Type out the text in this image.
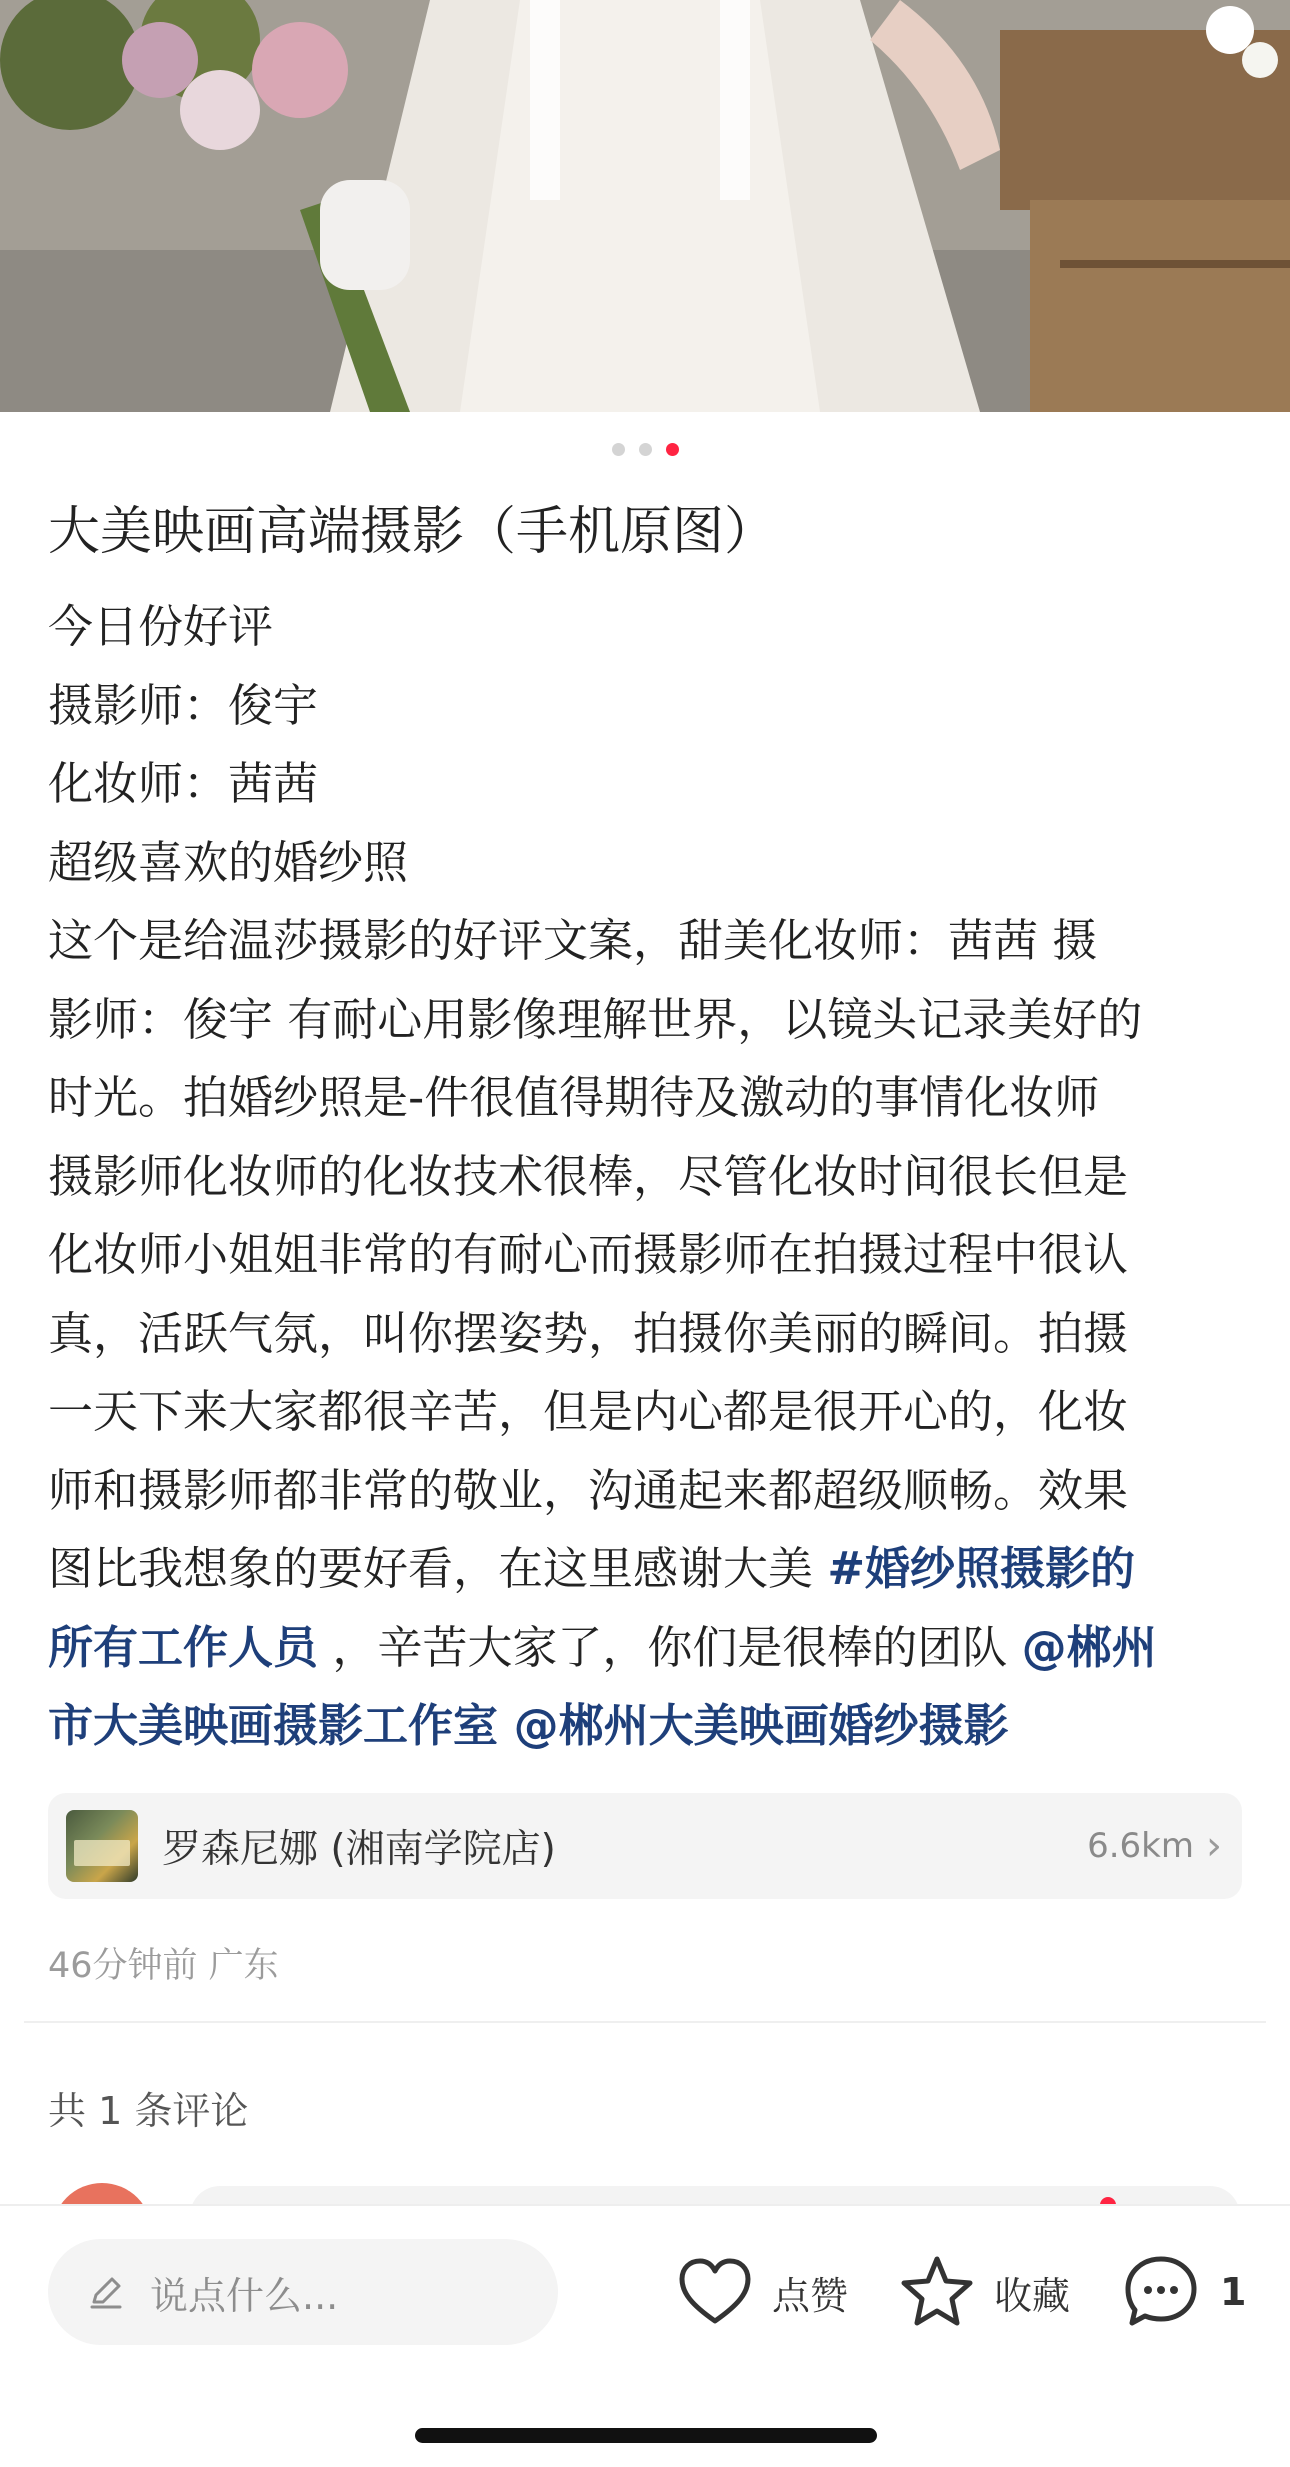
大美映画高端摄影（手机原图）
今日份好评
摄影师：俊宇
化妆师：茜茜
超级喜欢的婚纱照
这个是给温莎摄影的好评文案，甜美化妆师：茜茜 摄
影师：俊宇 有耐心用影像理解世界，以镜头记录美好的
时光。拍婚纱照是-件很值得期待及激动的事情化妆师
摄影师化妆师的化妆技术很棒，尽管化妆时间很长但是
化妆师小姐姐非常的有耐心而摄影师在拍摄过程中很认
真，活跃气氛，叫你摆姿势，拍摄你美丽的瞬间。拍摄
一天下来大家都很辛苦，但是内心都是很开心的，化妆
师和摄影师都非常的敬业，沟通起来都超级顺畅。效果
图比我想象的要好看，在这里感谢大美 #婚纱照摄影的
所有工作人员 ，辛苦大家了，你们是很棒的团队 @郴州
市大美映画摄影工作室 @郴州大美映画婚纱摄影
罗森尼娜 (湘南学院店)	6.6km ›
46分钟前 广东
共 1 条评论
说点什么...	点赞	收藏	1
